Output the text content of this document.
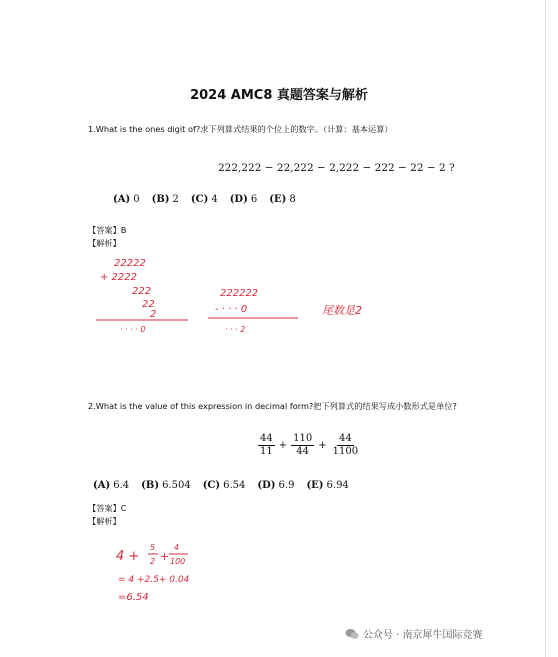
2024 AMC8 真题答案与解析
1.What is the ones digit of?求下列算式结果的个位上的数字。（计算：基本运算）
222,222 − 22,222 − 2,222 − 222 − 22 − 2 ?
(A) 0 (B) 2 (C) 4 (D) 6 (E) 8
【答案】B
【解析】
22222
+ 2222
222
22
2
· · · · 0
222222
- · · · 0
· · · 2
尾数是2
2.What is the value of this expression in decimal form?把下列算式的结果写成小数形式是单位?
$\frac{44}{11} + \frac{110}{44} + \frac{44}{1100}$
(A) 6.4 (B) 6.504 (C) 6.54 (D) 6.9 (E) 6.94
【答案】C
【解析】
4 +
5
2 +
4
100
= 4 +2.5+ 0.04
=6.54
公众号 · 南京犀牛国际竞赛
